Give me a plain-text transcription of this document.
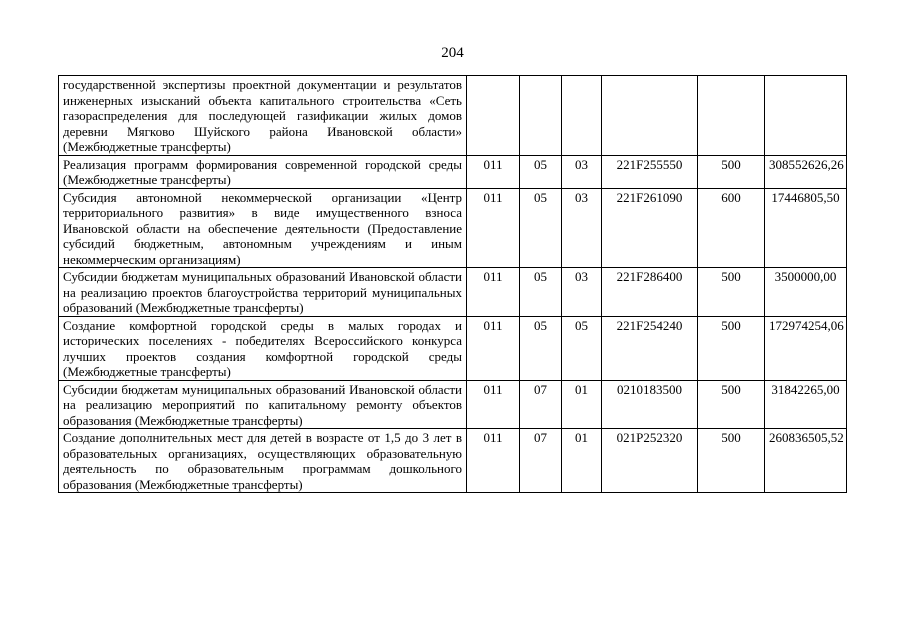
204
государственной экспертизы проектной документации и результатов инженерных изысканий объекта капитального строительства «Сеть газораспределения для последующей газификации жилых домов деревни Мягково Шуйского района Ивановской области» (Межбюджетные трансферты)						
Реализация программ формирования современной городской среды (Межбюджетные трансферты)	011	05	03	221F255550	500	308552626,26
Субсидия автономной некоммерческой организации «Центр территориального развития» в виде имущественного взноса Ивановской области на обеспечение деятельности (Предоставление субсидий бюджетным, автономным учреждениям и иным некоммерческим организациям)	011	05	03	221F261090	600	17446805,50
Субсидии бюджетам муниципальных образований Ивановской области на реализацию проектов благоустройства территорий муниципальных образований (Межбюджетные трансферты)	011	05	03	221F286400	500	3500000,00
Создание комфортной городской среды в малых городах и исторических поселениях - победителях Всероссийского конкурса лучших проектов создания комфортной городской среды (Межбюджетные трансферты)	011	05	05	221F254240	500	172974254,06
Субсидии бюджетам муниципальных образований Ивановской области на реализацию мероприятий по капитальному ремонту объектов образования (Межбюджетные трансферты)	011	07	01	0210183500	500	31842265,00
Создание дополнительных мест для детей в возрасте от 1,5 до 3 лет в образовательных организациях, осуществляющих образовательную деятельность по образовательным программам дошкольного образования (Межбюджетные трансферты)	011	07	01	021P252320	500	260836505,52
